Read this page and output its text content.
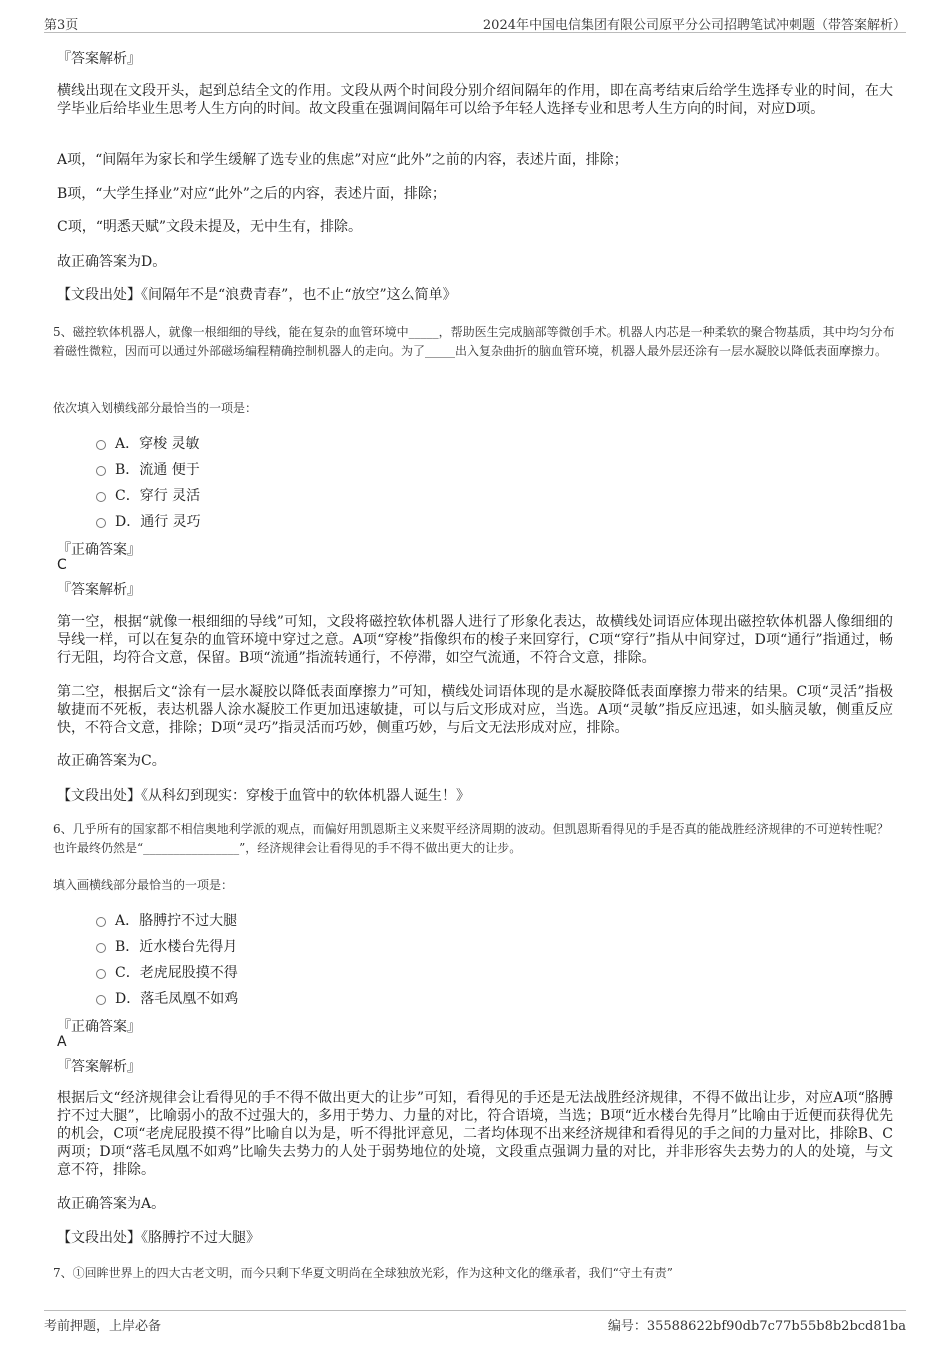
第3页	2024年中国电信集团有限公司原平分公司招聘笔试冲刺题（带答案解析）
『答案解析』
横线出现在文段开头，起到总结全文的作用。文段从两个时间段分别介绍间隔年的作用，即在高考结束后给学生选择专业的时间，在大学毕业后给毕业生思考人生方向的时间。故文段重在强调间隔年可以给予年轻人选择专业和思考人生方向的时间，对应D项。
A项，“间隔年为家长和学生缓解了选专业的焦虑”对应“此外”之前的内容，表述片面，排除；
B项，“大学生择业”对应“此外”之后的内容，表述片面，排除；
C项，“明悉天赋”文段未提及，无中生有，排除。
故正确答案为D。
【文段出处】《间隔年不是“浪费青春”，也不止“放空”这么简单》
5、磁控软体机器人，就像一根细细的导线，能在复杂的血管环境中_____，帮助医生完成脑部等微创手术。机器人内芯是一种柔软的聚合物基质，其中均匀分布着磁性微粒，因而可以通过外部磁场编程精确控制机器人的走向。为了_____出入复杂曲折的脑血管环境，机器人最外层还涂有一层水凝胶以降低表面摩擦力。
依次填入划横线部分最恰当的一项是：
A．穿梭 灵敏
B．流通 便于
C．穿行 灵活
D．通行 灵巧
『正确答案』
C
『答案解析』
第一空，根据“就像一根细细的导线”可知，文段将磁控软体机器人进行了形象化表达，故横线处词语应体现出磁控软体机器人像细细的导线一样，可以在复杂的血管环境中穿过之意。A项“穿梭”指像织布的梭子来回穿行，C项“穿行”指从中间穿过，D项“通行”指通过，畅行无阻，均符合文意，保留。B项“流通”指流转通行，不停滞，如空气流通，不符合文意，排除。
第二空，根据后文“涂有一层水凝胶以降低表面摩擦力”可知，横线处词语体现的是水凝胶降低表面摩擦力带来的结果。C项“灵活”指极敏捷而不死板，表达机器人涂水凝胶工作更加迅速敏捷，可以与后文形成对应，当选。A项“灵敏”指反应迅速，如头脑灵敏，侧重反应快，不符合文意，排除；D项“灵巧”指灵活而巧妙，侧重巧妙，与后文无法形成对应，排除。
故正确答案为C。
【文段出处】《从科幻到现实：穿梭于血管中的软体机器人诞生！》
6、几乎所有的国家都不相信奥地利学派的观点，而偏好用凯恩斯主义来熨平经济周期的波动。但凯恩斯看得见的手是否真的能战胜经济规律的不可逆转性呢？也许最终仍然是“________________”，经济规律会让看得见的手不得不做出更大的让步。
填入画横线部分最恰当的一项是：
A．胳膊拧不过大腿
B．近水楼台先得月
C．老虎屁股摸不得
D．落毛凤凰不如鸡
『正确答案』
A
『答案解析』
根据后文“经济规律会让看得见的手不得不做出更大的让步”可知，看得见的手还是无法战胜经济规律，不得不做出让步，对应A项“胳膊拧不过大腿”，比喻弱小的敌不过强大的，多用于势力、力量的对比，符合语境，当选；B项“近水楼台先得月”比喻由于近便而获得优先的机会，C项“老虎屁股摸不得”比喻自以为是，听不得批评意见，二者均体现不出来经济规律和看得见的手之间的力量对比，排除B、C两项；D项“落毛凤凰不如鸡”比喻失去势力的人处于弱势地位的处境，文段重点强调力量的对比，并非形容失去势力的人的处境，与文意不符，排除。
故正确答案为A。
【文段出处】《胳膊拧不过大腿》
7、①回眸世界上的四大古老文明，而今只剩下华夏文明尚在全球独放光彩，作为这种文化的继承者，我们“守土有责”
考前押题，上岸必备	编号：35588622bf90db7c77b55b8b2bcd81ba
